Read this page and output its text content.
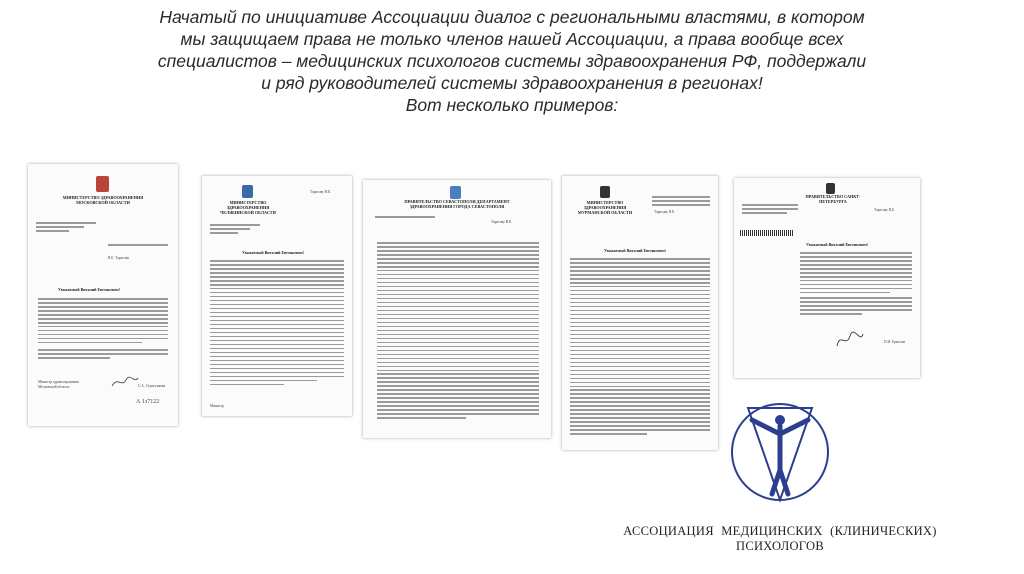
Начатый по инициативе Ассоциации диалог с региональными властями, в котором
мы защищаем права не только членов нашей Ассоциации, а права вообще всех
специалистов – медицинских психологов системы здравоохранения РФ, поддержали
и ряд руководителей системы здравоохранения в регионах!
Вот несколько примеров:
МИНИСТЕРСТВО ЗДРАВООХРАНЕНИЯ МОСКОВСКОЙ ОБЛАСТИ
В.Е. Тарасову
Уважаемый Виталий Евгеньевич!
Министр здравоохранения Московской области	С.А. Стригункова
А 1з7122
МИНИСТЕРСТВО ЗДРАВООХРАНЕНИЯ ЧЕЛЯБИНСКОЙ ОБЛАСТИ
Тарасову В.Е.
Уважаемый Виталий Евгеньевич!
Министр
ПРАВИТЕЛЬСТВО СЕВАСТОПОЛЯ ДЕПАРТАМЕНТ ЗДРАВООХРАНЕНИЯ ГОРОДА СЕВАСТОПОЛЯ
Тарасову В.Е.
МИНИСТЕРСТВО ЗДРАВООХРАНЕНИЯ МУРМАНСКОЙ ОБЛАСТИ	Тарасову В.Е.
Уважаемый Виталий Евгеньевич!
ПРАВИТЕЛЬСТВО САНКТ-ПЕТЕРБУРГА
Тарасову В.Е.
Уважаемый Виталий Евгеньевич!
П.И. Ермолов
АССОЦИАЦИЯ МЕДИЦИНСКИХ (КЛИНИЧЕСКИХ)
ПСИХОЛОГОВ
